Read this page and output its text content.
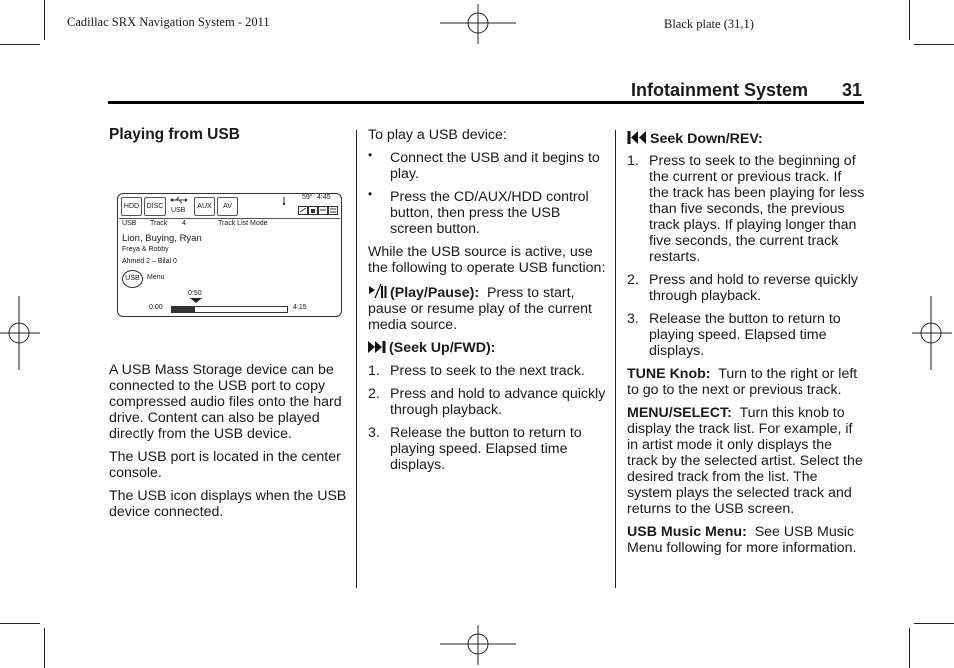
Cadillac SRX Navigation System - 2011	Black plate (31,1)
Infotainment System 31
Playing from USB
HDD	DISC
USB
AUX	AV
59° 4:45
USB Track 4	Track List Mode
Lion, Buying, Ryan
Freya & Robby
Ahmed 2 – Bilal 0
USB	Menu
0:50
0:00	4:15

A USB Mass Storage device can be connected to the USB port to copy compressed audio files onto the hard drive. Content can also be played directly from the USB device.

The USB port is located in the center console.

The USB icon displays when the USB device connected.

To play a USB device:

• Connect the USB and it begins to play.
• Press the CD/AUX/HDD control button, then press the USB screen button.

While the USB source is active, use the following to operate USB function:

(Play/Pause): Press to start, pause or resume play of the current media source.

(Seek Up/FWD):
1. Press to seek to the next track.
2. Press and hold to advance quickly through playback.
3. Release the button to return to playing speed. Elapsed time displays.
Seek Down/REV:
1. Press to seek to the beginning of the current or previous track. If the track has been playing for less than five seconds, the previous track plays. If playing longer than five seconds, the current track restarts.
2. Press and hold to reverse quickly through playback.
3. Release the button to return to playing speed. Elapsed time displays.

TUNE Knob: Turn to the right or left to go to the next or previous track.

MENU/SELECT: Turn this knob to display the track list. For example, if in artist mode it only displays the track by the selected artist. Select the desired track from the list. The system plays the selected track and returns to the USB screen.

USB Music Menu: See USB Music Menu following for more information.
